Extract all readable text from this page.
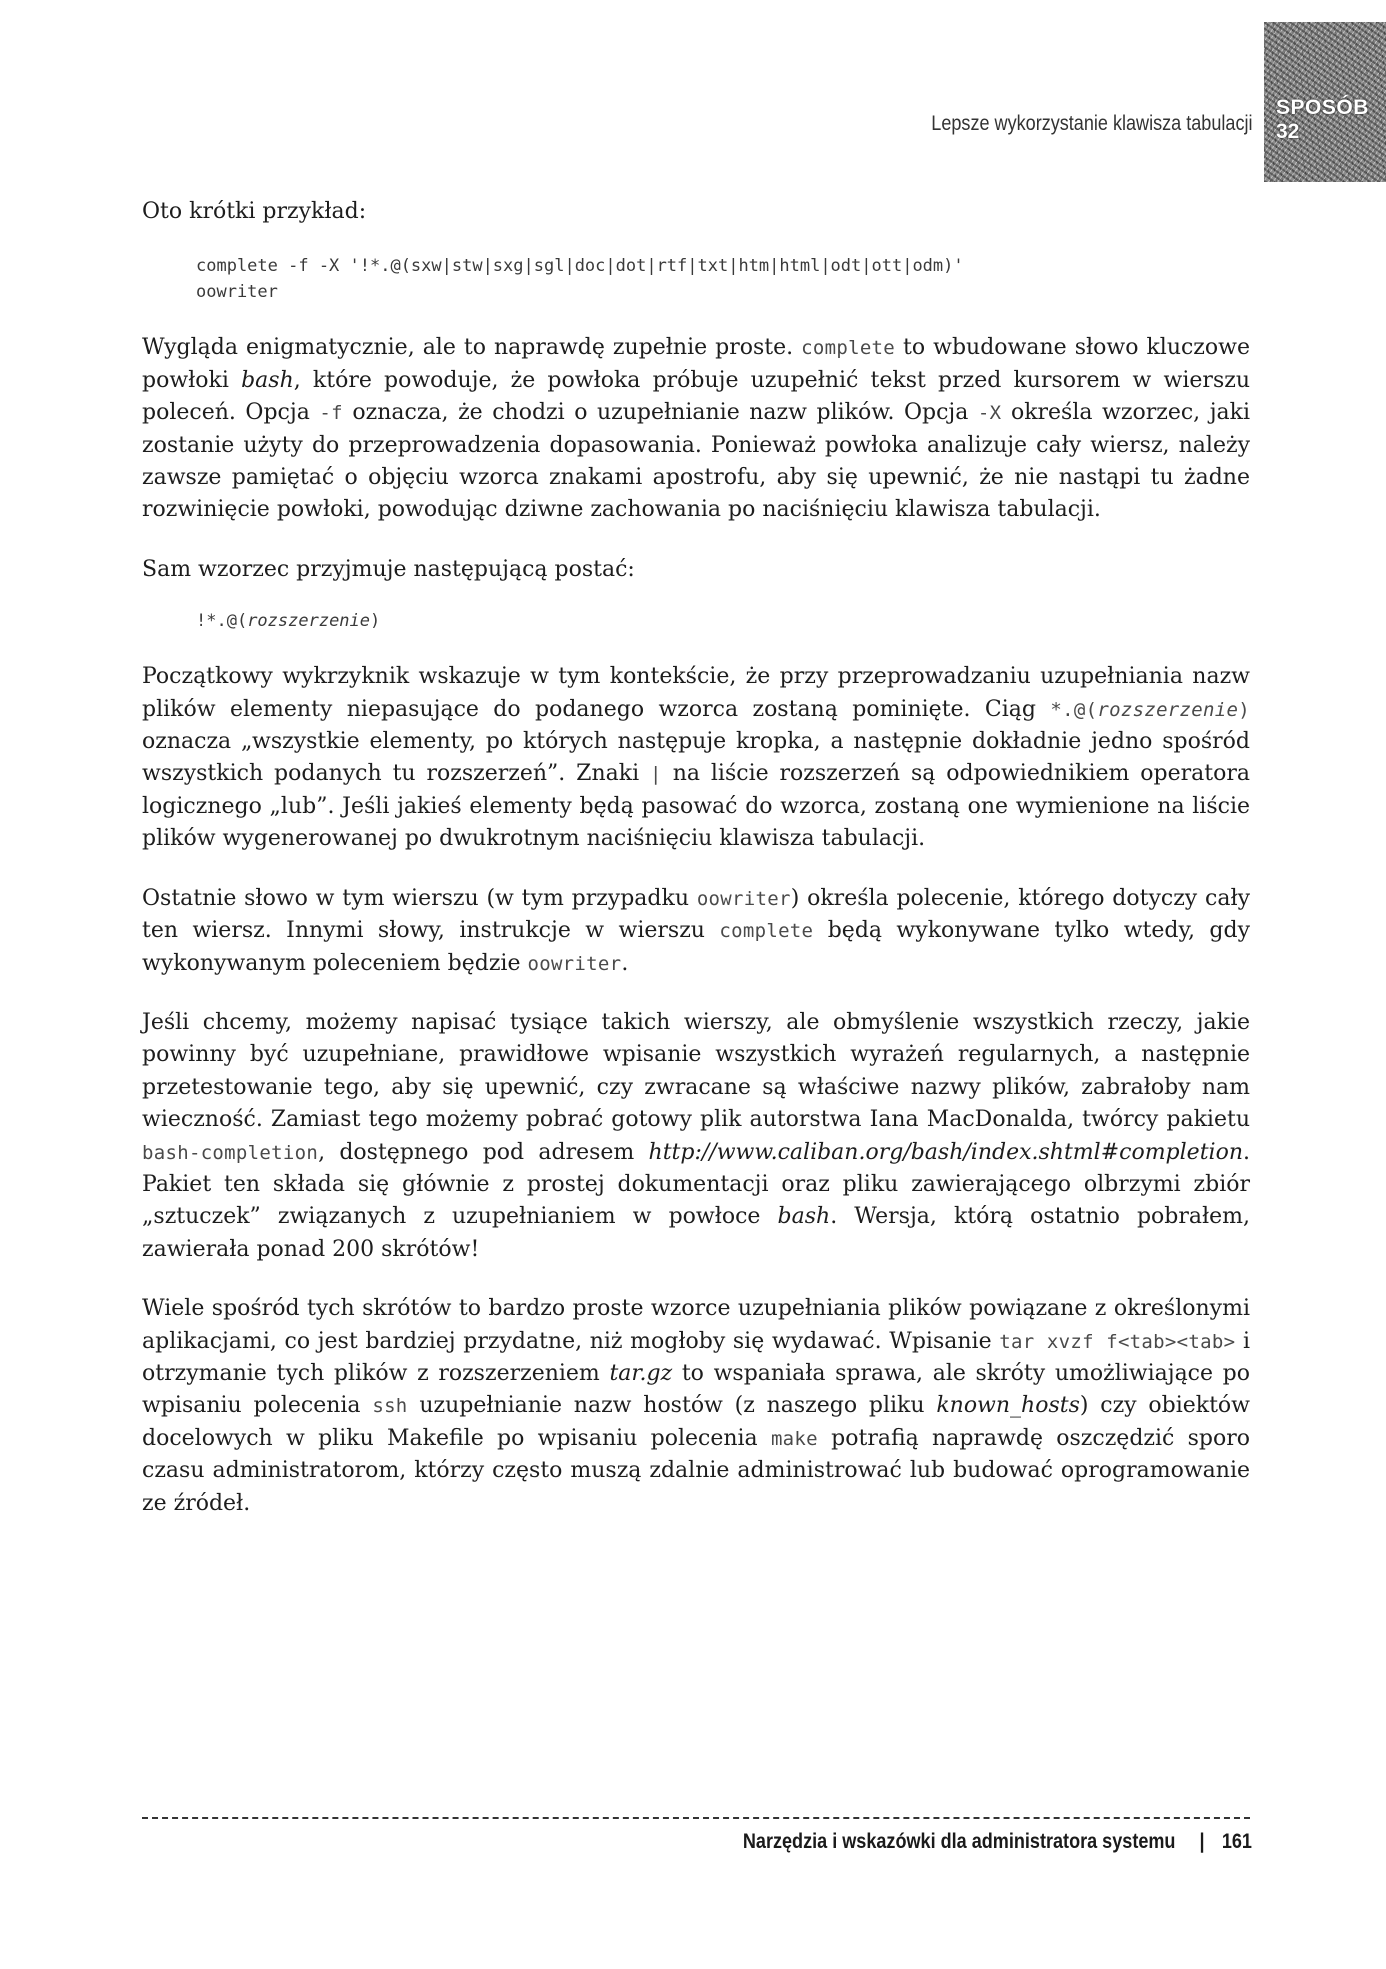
Lepsze wykorzystanie klawisza tabulacji
SPOSÓB
32

Oto krótki przykład:

complete -f -X '!*.@(sxw|stw|sxg|sgl|doc|dot|rtf|txt|htm|html|odt|ott|odm)'
oowriter

Wygląda enigmatycznie, ale to naprawdę zupełnie proste. complete to wbudowane słowo kluczowe powłoki bash, które powoduje, że powłoka próbuje uzupełnić tekst przed kursorem w wierszu poleceń. Opcja -f oznacza, że chodzi o uzupełnianie nazw plików. Opcja -X określa wzorzec, jaki zostanie użyty do przeprowadzenia dopasowania. Ponieważ powłoka analizuje cały wiersz, należy zawsze pamiętać o objęciu wzorca znakami apostrofu, aby się upewnić, że nie nastąpi tu żadne rozwinięcie powłoki, powodując dziwne zachowania po naciśnięciu klawisza tabulacji.

Sam wzorzec przyjmuje następującą postać:

!*.@(rozszerzenie)

Początkowy wykrzyknik wskazuje w tym kontekście, że przy przeprowadzaniu uzupełniania nazw plików elementy niepasujące do podanego wzorca zostaną pominięte. Ciąg *.@(rozszerzenie) oznacza „wszystkie elementy, po których następuje kropka, a następnie dokładnie jedno spośród wszystkich podanych tu rozszerzeń”. Znaki | na liście rozszerzeń są odpowiednikiem operatora logicznego „lub”. Jeśli jakieś elementy będą pasować do wzorca, zostaną one wymienione na liście plików wygenerowanej po dwukrotnym naciśnięciu klawisza tabulacji.

Ostatnie słowo w tym wierszu (w tym przypadku oowriter) określa polecenie, którego dotyczy cały ten wiersz. Innymi słowy, instrukcje w wierszu complete będą wykonywane tylko wtedy, gdy wykonywanym poleceniem będzie oowriter.

Jeśli chcemy, możemy napisać tysiące takich wierszy, ale obmyślenie wszystkich rzeczy, jakie powinny być uzupełniane, prawidłowe wpisanie wszystkich wyrażeń regularnych, a następnie przetestowanie tego, aby się upewnić, czy zwracane są właściwe nazwy plików, zabrałoby nam wieczność. Zamiast tego możemy pobrać gotowy plik autorstwa Iana MacDonalda, twórcy pakietu bash-completion, dostępnego pod adresem http://www.caliban.org/bash/index.shtml#completion. Pakiet ten składa się głównie z prostej dokumentacji oraz pliku zawierającego olbrzymi zbiór „sztuczek” związanych z uzupełnianiem w powłoce bash. Wersja, którą ostatnio pobrałem, zawierała ponad 200 skrótów!

Wiele spośród tych skrótów to bardzo proste wzorce uzupełniania plików powiązane z określonymi aplikacjami, co jest bardziej przydatne, niż mogłoby się wydawać. Wpisanie tar xvzf f<tab><tab> i otrzymanie tych plików z rozszerzeniem tar.gz to wspaniała sprawa, ale skróty umożliwiające po wpisaniu polecenia ssh uzupełnianie nazw hostów (z naszego pliku known_hosts) czy obiektów docelowych w pliku Makefile po wpisaniu polecenia make potrafią naprawdę oszczędzić sporo czasu administratorom, którzy często muszą zdalnie administrować lub budować oprogramowanie ze źródeł.

Narzędzia i wskazówki dla administratora systemu | 161
